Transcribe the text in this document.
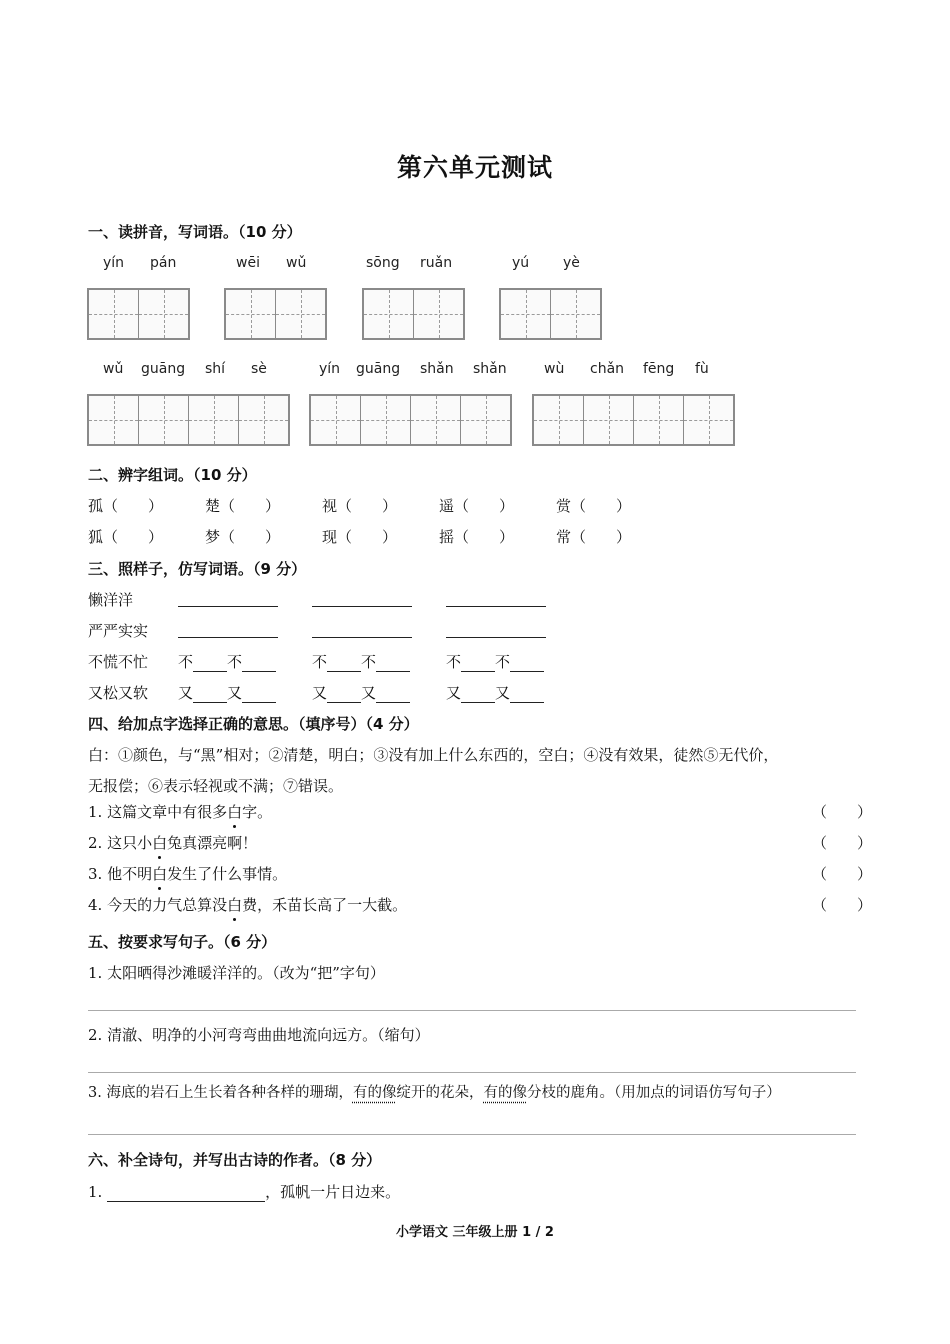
第六单元测试
一、读拼音，写词语。（10 分）
yín pán	wēi wǔ	sōng ruǎn	yú yè
wǔ guāng shí sè	yín guāng shǎn shǎn	wù chǎn fēng fù
二、辨字组词。（10 分）
孤（　　）	楚（　　）	视（　　）	遥（　　）	赏（　　）
狐（　　）	梦（　　）	现（　　）	摇（　　）	常（　　）
三、照样子，仿写词语。（9 分）
懒洋洋
严严实实
不慌不忙 不 不	不 不	不 不
又松又软 又 又	又 又	又 又
四、给加点字选择正确的意思。（填序号）（4 分）
白：①颜色，与“黑”相对；②清楚，明白；③没有加上什么东西的，空白；④没有效果，徒然⑤无代价，
无报偿；⑥表示轻视或不满；⑦错误。
1. 这篇文章中有很多白字。	（　　）
2. 这只小白兔真漂亮啊！	（　　）
3. 他不明白发生了什么事情。	（　　）
4. 今天的力气总算没白费，禾苗长高了一大截。	（　　）
五、按要求写句子。（6 分）
1. 太阳晒得沙滩暖洋洋的。（改为“把”字句）
2. 清澈、明净的小河弯弯曲曲地流向远方。（缩句）
3. 海底的岩石上生长着各种各样的珊瑚，有的像绽开的花朵，有的像分枝的鹿角。（用加点的词语仿写句子）
六、补全诗句，并写出古诗的作者。（8 分）
1.	，孤帆一片日边来。
小学语文 三年级上册 1 / 2
